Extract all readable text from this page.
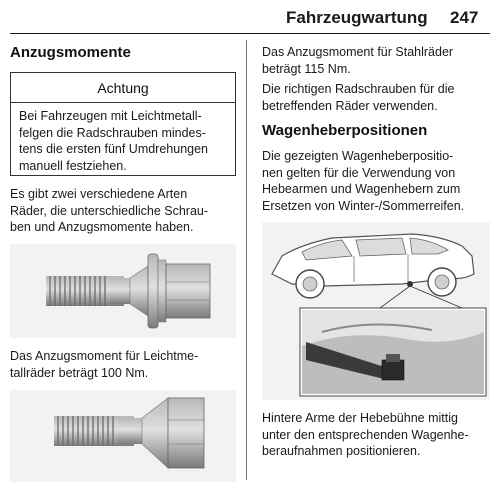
Fahrzeugwartung 247
Anzugsmomente
Achtung
Bei Fahrzeugen mit Leichtmetall-
felgen die Radschrauben mindes-
tens die ersten fünf Umdrehungen
manuell festziehen.
Es gibt zwei verschiedene Arten
Räder, die unterschiedliche Schrau-
ben und Anzugsmomente haben.
Das Anzugsmoment für Leichtme-
tallräder beträgt 100 Nm.
Das Anzugsmoment für Stahlräder
beträgt 115 Nm.
Die richtigen Radschrauben für die
betreffenden Räder verwenden.
Wagenheberpositionen
Die gezeigten Wagenheberpositio-
nen gelten für die Verwendung von
Hebearmen und Wagenhebern zum
Ersetzen von Winter-/Sommerreifen.
Hintere Arme der Hebebühne mittig
unter den entsprechenden Wagenhe-
beraufnahmen positionieren.
